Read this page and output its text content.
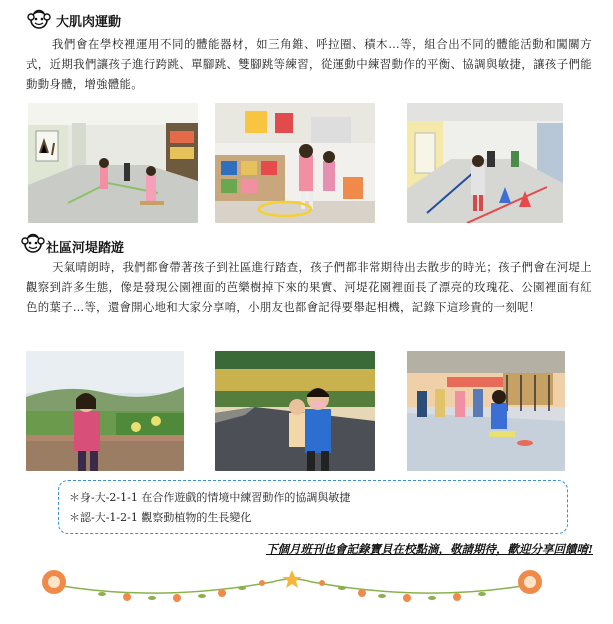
大肌肉運動
我們會在學校裡運用不同的體能器材，如三角錐、呼拉圈、積木…等，組合出不同的體能活動和闖關方式，近期我們讓孩子進行跨跳、單腳跳、雙腳跳等練習，從運動中練習動作的平衡、協調與敏捷，讓孩子們能動動身體，增強體能。
社區河堤踏遊
天氣晴朗時，我們都會帶著孩子到社區進行踏查，孩子們都非常期待出去散步的時光；孩子們會在河堤上觀察到許多生態，像是發現公園裡面的芭樂樹掉下來的果實、河堤花園裡面長了漂亮的玫瑰花、公園裡面有紅色的葉子…等，還會開心地和大家分享唷，小朋友也都會記得要舉起相機，記錄下這珍貴的一刻呢！
＊身-大-2-1-1 在合作遊戲的情境中練習動作的協調與敏捷
＊認-大-1-2-1 觀察動植物的生長變化
下個月班刊也會記錄寶貝在校點滴，敬請期待，歡迎分享回饋唷!
